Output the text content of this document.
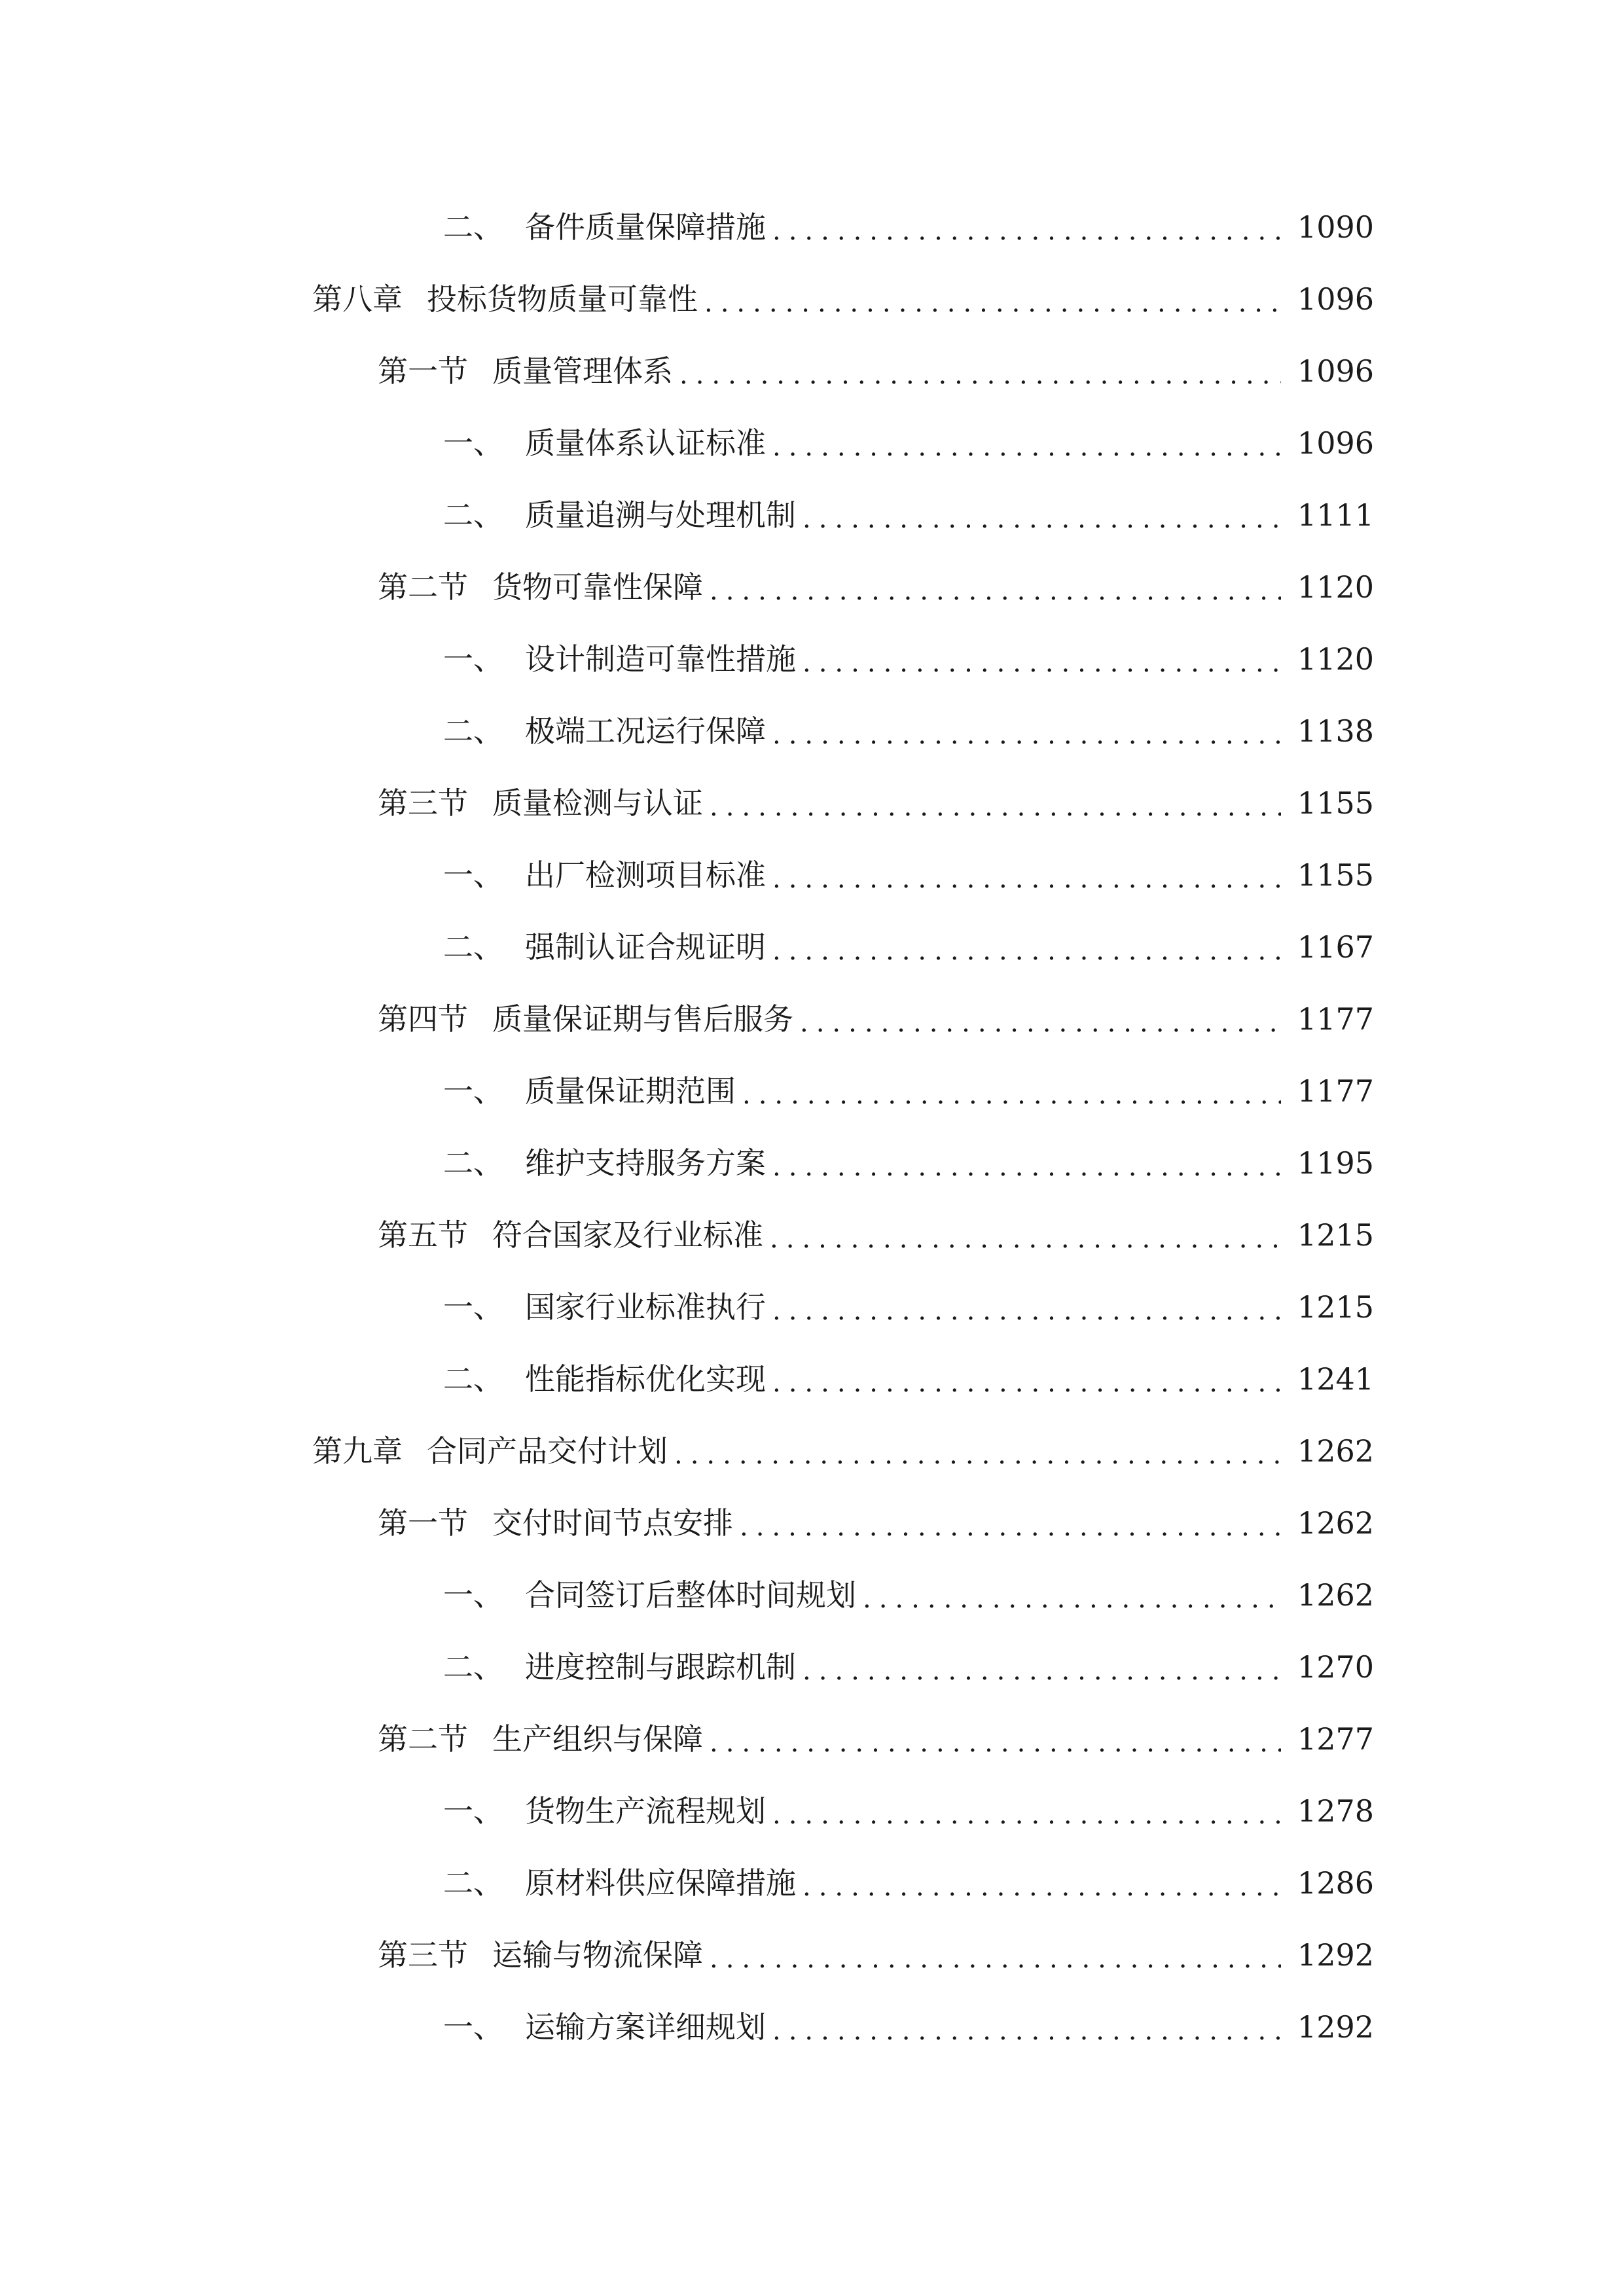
二、 备件质量保障措施 .....	1090
第八章 投标货物质量可靠性 .....	1096
第一节 质量管理体系 .....	1096
一、 质量体系认证标准 .....	1096
二、 质量追溯与处理机制 .....	1111
第二节 货物可靠性保障 .....	1120
一、 设计制造可靠性措施 .....	1120
二、 极端工况运行保障 .....	1138
第三节 质量检测与认证 .....	1155
一、 出厂检测项目标准 .....	1155
二、 强制认证合规证明 .....	1167
第四节 质量保证期与售后服务 .....	1177
一、 质量保证期范围 .....	1177
二、 维护支持服务方案 .....	1195
第五节 符合国家及行业标准 .....	1215
一、 国家行业标准执行 .....	1215
二、 性能指标优化实现 .....	1241
第九章 合同产品交付计划 .....	1262
第一节 交付时间节点安排 .....	1262
一、 合同签订后整体时间规划 .....	1262
二、 进度控制与跟踪机制 .....	1270
第二节 生产组织与保障 .....	1277
一、 货物生产流程规划 .....	1278
二、 原材料供应保障措施 .....	1286
第三节 运输与物流保障 .....	1292
一、 运输方案详细规划 .....	1292
